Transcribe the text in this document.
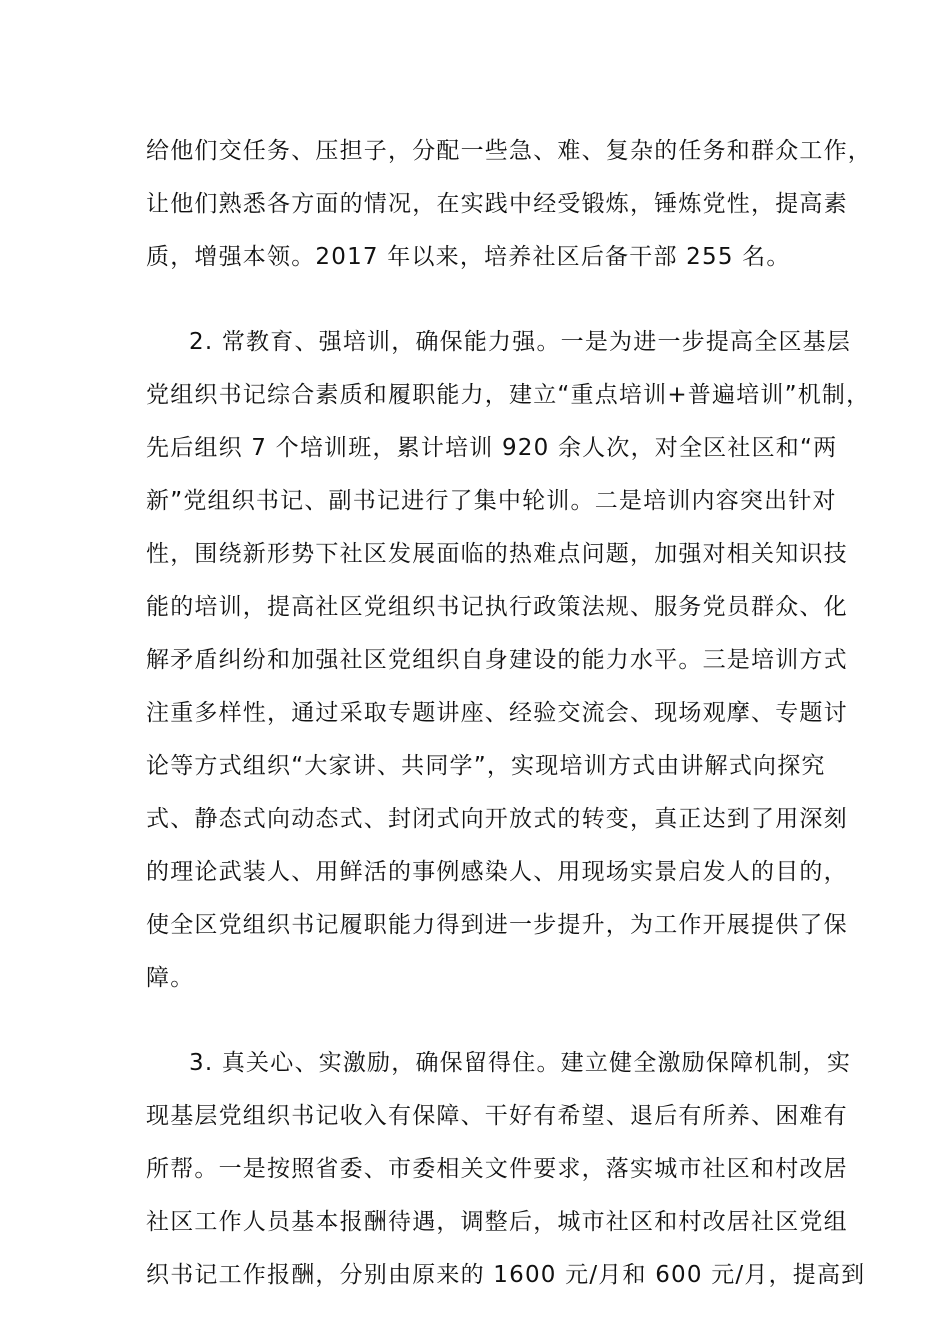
给他们交任务、压担子，分配一些急、难、复杂的任务和群众工作，
让他们熟悉各方面的情况，在实践中经受锻炼，锤炼党性，提高素
质，增强本领。2017 年以来，培养社区后备干部 255 名。
2. 常教育、强培训，确保能力强。一是为进一步提高全区基层
党组织书记综合素质和履职能力，建立“重点培训+普遍培训”机制，
先后组织 7 个培训班，累计培训 920 余人次，对全区社区和“两
新”党组织书记、副书记进行了集中轮训。二是培训内容突出针对
性，围绕新形势下社区发展面临的热难点问题，加强对相关知识技
能的培训，提高社区党组织书记执行政策法规、服务党员群众、化
解矛盾纠纷和加强社区党组织自身建设的能力水平。三是培训方式
注重多样性，通过采取专题讲座、经验交流会、现场观摩、专题讨
论等方式组织“大家讲、共同学”，实现培训方式由讲解式向探究
式、静态式向动态式、封闭式向开放式的转变，真正达到了用深刻
的理论武装人、用鲜活的事例感染人、用现场实景启发人的目的，
使全区党组织书记履职能力得到进一步提升，为工作开展提供了保
障。
3. 真关心、实激励，确保留得住。建立健全激励保障机制，实
现基层党组织书记收入有保障、干好有希望、退后有所养、困难有
所帮。一是按照省委、市委相关文件要求，落实城市社区和村改居
社区工作人员基本报酬待遇，调整后，城市社区和村改居社区党组
织书记工作报酬，分别由原来的 1600 元/月和 600 元/月，提高到
